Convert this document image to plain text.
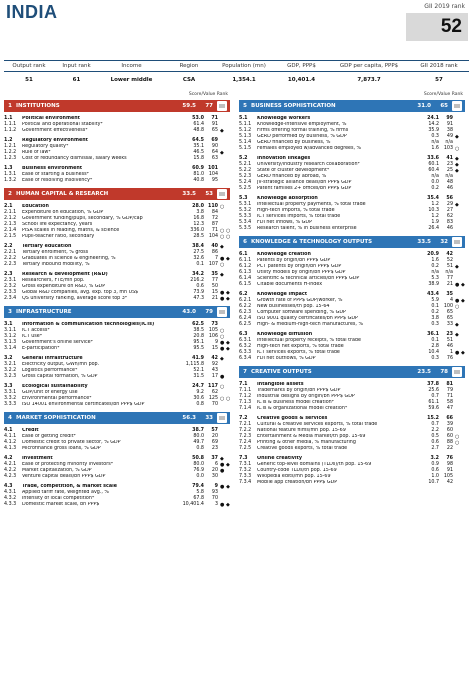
INDIA	GII 2019 rank
52
Output rank	Input rank	Income	Region	Population (mn)	GDP, PPP$	GDP per capita, PPP$	GII 2018 rank
51	61	Lower middle	CSA	1,354.1	10,401.4	7,873.7	57
Score/Value Rank
1 INSTITUTIONS	59.5	77
1.1	Political environment	53.0	71
1.1.1	Political and operational stability*	61.4	91
1.1.2	Government effectiveness*	48.8	65 ◆
1.2	Regulatory environment	64.5	69
1.2.1	Regulatory quality*	35.1	90
1.2.2	Rule of law*	46.5	64 ◆
1.2.3	Cost of redundancy dismissal, salary weeks	15.8	63
1.3	Business environment	60.9 101
1.3.1	Ease of starting a business*	81.0	104
1.3.2	Ease of resolving insolvency*	40.8	95
2 HUMAN CAPITAL & RESEARCH	33.5	53
2.1	Education	28.0 110 ○
2.1.1	Expenditure on education, % GDP	3.8	84
2.1.2	Government funding/pupil, secondary, % GDP/cap	16.8	72
2.1.3	School life expectancy, years	12.3	87
2.1.4	PISA scales in reading, maths, & science	336.0	71 ○ ○
2.1.5	Pupil-teacher ratio, secondary	28.5	104 ○ ○
2.2	Tertiary education	38.4	40 ◆
2.2.1	Tertiary enrolment, % gross	27.5	86
2.2.2	Graduates in science & engineering, %	32.6	7 ● ◆
2.2.3	Tertiary inbound mobility, %	0.1	107 ○
2.3	Research & development (R&D)	34.2	35 ◆
2.3.1	Researchers, FTE/mn pop.	216.2	77
2.3.2	Gross expenditure on R&D, % GDP	0.6	50
2.3.3	Global R&D companies, avg. exp. top 3, mn US$	73.9	15 ● ◆
2.3.4	QS university ranking, average score top 3*	47.3	21 ● ◆
3 INFRASTRUCTURE	43.0	79
3.1	Information & communication technologies(ICTs)	62.5	73
3.1.1	ICT access*	38.5	105 ○
3.1.2	ICT use*	20.8	106 ○
3.1.3	Government's online service*	95.1	9 ● ◆
3.1.4	E-participation*	95.5	15 ● ◆
3.2	General infrastructure	41.9	42 ◆
3.2.1	Electricity output, GWh/mn pop.	1,115.8	92
3.2.2	Logistics performance*	52.1	43
3.2.3	Gross capital formation, % GDP	31.5	17 ●
3.3	Ecological sustainability	24.7 117 ○
3.3.1	GDP/unit of energy use	9.2	62
3.3.2	Environmental performance*	30.6	125 ○ ○
3.3.3	ISO 14001 environmental certificates/bn PPP$ GDP	0.8	70
4 MARKET SOPHISTICATION	56.3	33
4.1	Credit	38.7	57
4.1.1	Ease of getting credit*	80.0	20
4.1.2	Domestic credit to private sector, % GDP	49.7	69
4.1.3	Microfinance gross loans, % GDP	0.8	23
4.2	Investment	50.8	37 ◆
4.2.1	Ease of protecting minority investors*	80.0	6 ● ◆
4.2.2	Market capitalization, % GDP	76.9	20 ●
4.2.3	Venture capital deals/bn PPP$ GDP	0.0	30
4.3	Trade, competition, & market scale	79.4	9 ● ◆
4.3.1	Applied tariff rate, weighted avg., %	5.8	93
4.3.2	Intensity of local competition*	67.8	70
4.3.3	Domestic market scale, bn PPP$	10,401.4	3 ● ◆
Score/Value Rank
5 BUSINESS SOPHISTICATION	31.0	65
5.1	Knowledge workers	24.1	99
5.1.1	Knowledge-intensive employment, %	14.2	91
5.1.2	Firms offering formal training, % firms	35.9	38
5.1.3	GERD performed by business, % GDP	0.3	49 ◆
5.1.4	GERD financed by business, %	n/a	n/a
5.1.5	Females employed w/advanced degrees, %	1.6	103 ○
5.2	Innovation linkages	33.6	41 ◆
5.2.1	University/industry research collaboration*	60.1	23 ◆
5.2.2	State of cluster development*	60.4	25 ◆
5.2.3	GERD financed by abroad, %	n/a	n/a
5.2.4	JV-strategic alliance deals/bn PPP$ GDP	0.0	48
5.2.5	Patent families 2+ offices/bn PPP$ GDP	0.2	46
5.3	Knowledge absorption	35.4	56
5.3.1	Intellectual property payments, % total trade	1.2	29 ◆
5.3.2	High-tech imports, % total trade	10.3	27
5.3.3	ICT services imports, % total trade	1.2	62
5.3.4	FDI net inflows, % GDP	1.9	83
5.3.5	Research talent, % in business enterprise	26.4	46
6 KNOWLEDGE & TECHNOLOGY OUTPUTS	33.5	32
6.1	Knowledge creation	20.9	42
6.1.1	Patents by origin/bn PPP$ GDP	1.6	52
6.1.2	PCT patents by origin/bn PPP$ GDP	0.2	51 ◆
6.1.3	Utility models by origin/bn PPP$ GDP	n/a	n/a
6.1.4	Scientific & technical articles/bn PPP$ GDP	5.3	77
6.1.5	Citable documents H-index	38.9	21 ● ◆
6.2	Knowledge impact	43.4	35
6.2.1	Growth rate of PPP$ GDP/worker, %	5.9	4 ● ◆
6.2.2	New businesses/th pop. 15-64	0.1	100 ○
6.2.3	Computer software spending, % GDP	0.2	65
6.2.4	ISO 9001 quality certificates/bn PPP$ GDP	3.8	65
6.2.5	High- & medium-high-tech manufactures, %	0.3	33 ◆
6.3	Knowledge diffusion	36.1	23 ◆
6.3.1	Intellectual property receipts, % total trade	0.1	51
6.3.2	High-tech net exports, % total trade	2.8	46
6.3.3	ICT services exports, % total trade	10.4	1 ● ◆
6.3.4	FDI net outflows, % GDP	0.3	76
7 CREATIVE OUTPUTS	23.5	78
7.1	Intangible assets	37.8	81
7.1.1	Trademarks by origin/bn PPP$ GDP	25.6	79
7.1.2	Industrial designs by origin/bn PPP$ GDP	0.7	71
7.1.3	ICTs & business model creation*	61.1	58
7.1.4	ICTs & organizational model creation*	59.6	47
7.2	Creative goods & services	15.2	66
7.2.1	Cultural & creative services exports, % total trade	0.7	39
7.2.2	National feature films/mn pop. 15-69	2.2	60
7.2.3	Entertainment & Media market/th pop. 15-69	0.5	60 ○
7.2.4	Printing & other media, % manufacturing	0.6	88 ○
7.2.5	Creative goods exports, % total trade	2.7	22
7.3	Online creativity	3.2	76
7.3.1	Generic top-level domains (TLDs)/th pop. 15-69	0.9	98
7.3.2	Country-code TLDs/th pop. 15-69	0.6	91
7.3.3	Wikipedia edits/mn pop. 15-69	1.0	105
7.3.4	Mobile app creation/bn PPP$ GDP	10.7	42
